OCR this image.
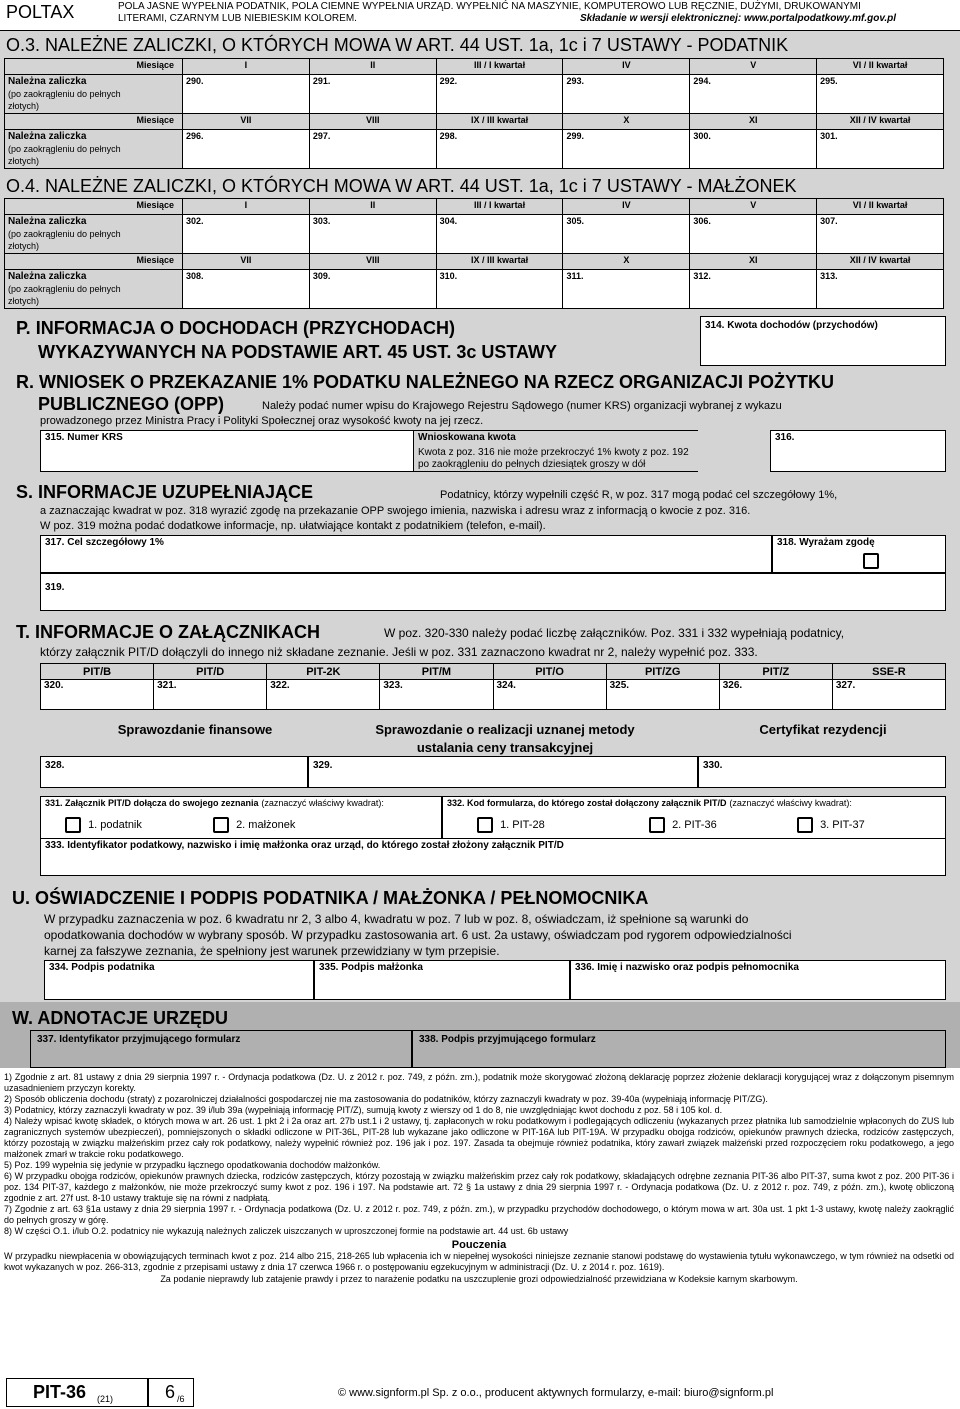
POLTAX	POLA JASNE WYPEŁNIA PODATNIK, POLA CIEMNE WYPEŁNIA URZĄD. WYPEŁNIĆ NA MASZYNIE, KOMPUTEROWO LUB RĘCZNIE, DUŻYMI, DRUKOWANYMI
LITERAMI, CZARNYM LUB NIEBIESKIM KOLOREM.	Składanie w wersji elektronicznej: www.portalpodatkowy.mf.gov.pl
O.3. NALEŻNE ZALICZKI, O KTÓRYCH MOWA W ART. 44 UST. 1a, 1c i 7 USTAWY - PODATNIK
Miesiące	I	II	III / I kwartał	IV	V	VI / II kwartał

Należna zaliczka
(po zaokrągleniu do pełnych
złotych)	290.	291.	292.	293.	294.	295.
Miesiące	VII	VIII	IX / III kwartał	X	XI	XII / IV kwartał

Należna zaliczka
(po zaokrągleniu do pełnych
złotych)	296.	297.	298.	299.	300.	301.
O.4. NALEŻNE ZALICZKI, O KTÓRYCH MOWA W ART. 44 UST. 1a, 1c i 7 USTAWY - MAŁŻONEK
Miesiące	I	II	III / I kwartał	IV	V	VI / II kwartał

Należna zaliczka
(po zaokrągleniu do pełnych
złotych)	302.	303.	304.	305.	306.	307.
Miesiące	VII	VIII	IX / III kwartał	X	XI	XII / IV kwartał

Należna zaliczka
(po zaokrągleniu do pełnych
złotych)	308.	309.	310.	311.	312.	313.
P. INFORMACJA O DOCHODACH (PRZYCHODACH)
WYKAZYWANYCH NA PODSTAWIE ART. 45 UST. 3c USTAWY
314. Kwota dochodów (przychodów)
R. WNIOSEK O PRZEKAZANIE 1% PODATKU NALEŻNEGO NA RZECZ ORGANIZACJI POŻYTKU
PUBLICZNEGO (OPP)	Należy podać numer wpisu do Krajowego Rejestru Sądowego (numer KRS) organizacji wybranej z wykazu
prowadzonego przez Ministra Pracy i Polityki Społecznej oraz wysokość kwoty na jej rzecz.
315. Numer KRS	Wnioskowana kwota
Kwota z poz. 316 nie może przekroczyć 1% kwoty z poz. 192
po zaokrągleniu do pełnych dziesiątek groszy w dół
316.
S. INFORMACJE UZUPEŁNIAJĄCE	Podatnicy, którzy wypełnili część R, w poz. 317 mogą podać cel szczegółowy 1%,
a zaznaczając kwadrat w poz. 318 wyrazić zgodę na przekazanie OPP swojego imienia, nazwiska i adresu wraz z informacją o kwocie z poz. 316.
W poz. 319 można podać dodatkowe informacje, np. ułatwiające kontakt z podatnikiem (telefon, e-mail).
317. Cel szczegółowy 1%	318. Wyrażam zgodę
319.
T. INFORMACJE O ZAŁĄCZNIKACH	W poz. 320-330 należy podać liczbę załączników. Poz. 331 i 332 wypełniają podatnicy,
którzy załącznik PIT/D dołączyli do innego niż składane zeznanie. Jeśli w poz. 331 zaznaczono kwadrat nr 2, należy wypełnić poz. 333.
PIT/B	PIT/D	PIT-2K	PIT/M	PIT/O	PIT/ZG	PIT/Z	SSE-R
320.	321.	322.	323.	324.	325.	326.	327.
Sprawozdanie finansowe	Sprawozdanie o realizacji uznanej metody
ustalania ceny transakcyjnej
Certyfikat rezydencji
328.	329.	330.
331. Załącznik PIT/D dołącza do swojego zeznania (zaznaczyć właściwy kwadrat):
1. podatnik	2. małżonek
332. Kod formularza, do którego został dołączony załącznik PIT/D (zaznaczyć właściwy kwadrat):
1. PIT-28	2. PIT-36	3. PIT-37
333. Identyfikator podatkowy, nazwisko i imię małżonka oraz urząd, do którego został złożony załącznik PIT/D
U. OŚWIADCZENIE I PODPIS PODATNIKA / MAŁŻONKA / PEŁNOMOCNIKA
W przypadku zaznaczenia w poz. 6 kwadratu nr 2, 3 albo 4, kwadratu w poz. 7 lub w poz. 8, oświadczam, iż spełnione są warunki do
opodatkowania dochodów w wybrany sposób. W przypadku zastosowania art. 6 ust. 2a ustawy, oświadczam pod rygorem odpowiedzialności
karnej za fałszywe zeznania, że spełniony jest warunek przewidziany w tym przepisie.
334. Podpis podatnika	335. Podpis małżonka	336. Imię i nazwisko oraz podpis pełnomocnika
W. ADNOTACJE URZĘDU
337. Identyfikator przyjmującego formularz	338. Podpis przyjmującego formularz
1) Zgodnie z art. 81 ustawy z dnia 29 sierpnia 1997 r. - Ordynacja podatkowa (Dz. U. z 2012 r. poz. 749, z późn. zm.), podatnik może skorygować złożoną deklarację poprzez złożenie deklaracji korygującej wraz z dołączonym pisemnym uzasadnieniem przyczyn korekty.
2) Sposób obliczenia dochodu (straty) z pozarolniczej działalności gospodarczej nie ma zastosowania do podatników, którzy zaznaczyli kwadraty w poz. 39-40a (wypełniają informację PIT/ZG).
3) Podatnicy, którzy zaznaczyli kwadraty w poz. 39 i/lub 39a (wypełniają informację PIT/Z), sumują kwoty z wierszy od 1 do 8, nie uwzględniając kwot dochodu z poz. 58 i 105 kol. d.
4) Należy wpisać kwotę składek, o których mowa w art. 26 ust. 1 pkt 2 i 2a oraz art. 27b ust.1 i 2 ustawy, tj. zapłaconych w roku podatkowym i podlegających odliczeniu (wykazanych przez płatnika lub samodzielnie wpłaconych do ZUS lub zagranicznych systemów ubezpieczeń), pomniejszonych o składki odliczone w PIT-36L, PIT-28 lub wykazane jako odliczone w PIT-16A lub PIT-19A. W przypadku obojga rodziców, opiekunów prawnych dziecka, rodziców zastępczych, którzy pozostają w związku małżeńskim przez cały rok podatkowy, należy wypełnić również poz. 196 jak i poz. 197. Zasada ta obejmuje również podatnika, który zawarł związek małżeński przed rozpoczęciem roku podatkowego, a jego małżonek zmarł w trakcie roku podatkowego.
5) Poz. 199 wypełnia się jedynie w przypadku łącznego opodatkowania dochodów małżonków.
6) W przypadku obojga rodziców, opiekunów prawnych dziecka, rodziców zastępczych, którzy pozostają w związku małżeńskim przez cały rok podatkowy, składających odrębne zeznania PIT-36 albo PIT-37, suma kwot z poz. 200 PIT-36 i poz. 134 PIT-37, każdego z małżonków, nie może przekroczyć sumy kwot z poz. 196 i 197. Na podstawie art. 72 § 1a ustawy z dnia 29 sierpnia 1997 r. - Ordynacja podatkowa (Dz. U. z 2012 r. poz. 749, z późn. zm.), kwotę obliczoną zgodnie z art. 27f ust. 8-10 ustawy traktuje się na równi z nadpłatą.
7) Zgodnie z art. 63 §1a ustawy z dnia 29 sierpnia 1997 r. - Ordynacja podatkowa (Dz. U. z 2012 r. poz. 749, z późn. zm.), w przypadku przychodów dochodowego, o którym mowa w art. 30a ust. 1 pkt 1-3 ustawy, kwotę należy zaokrąglić do pełnych groszy w górę.
8) W części O.1. i/lub O.2. podatnicy nie wykazują należnych zaliczek uiszczanych w uproszczonej formie na podstawie art. 44 ust. 6b ustawy
Pouczenia
W przypadku niewpłacenia w obowiązujących terminach kwot z poz. 214 albo 215, 218-265 lub wpłacenia ich w niepełnej wysokości niniejsze zeznanie stanowi podstawę do wystawienia tytułu wykonawczego, w tym również na odsetki od kwot wykazanych w poz. 266-313, zgodnie z przepisami ustawy z dnia 17 czerwca 1966 r. o postępowaniu egzekucyjnym w administracji (Dz. U. z 2014 r. poz. 1619).
Za podanie nieprawdy lub zatajenie prawdy i przez to narażenie podatku na uszczuplenie grozi odpowiedzialność przewidziana w Kodeksie karnym skarbowym.
PIT-36 (21)	6 /6	© www.signform.pl Sp. z o.o., producent aktywnych formularzy, e-mail: biuro@signform.pl
